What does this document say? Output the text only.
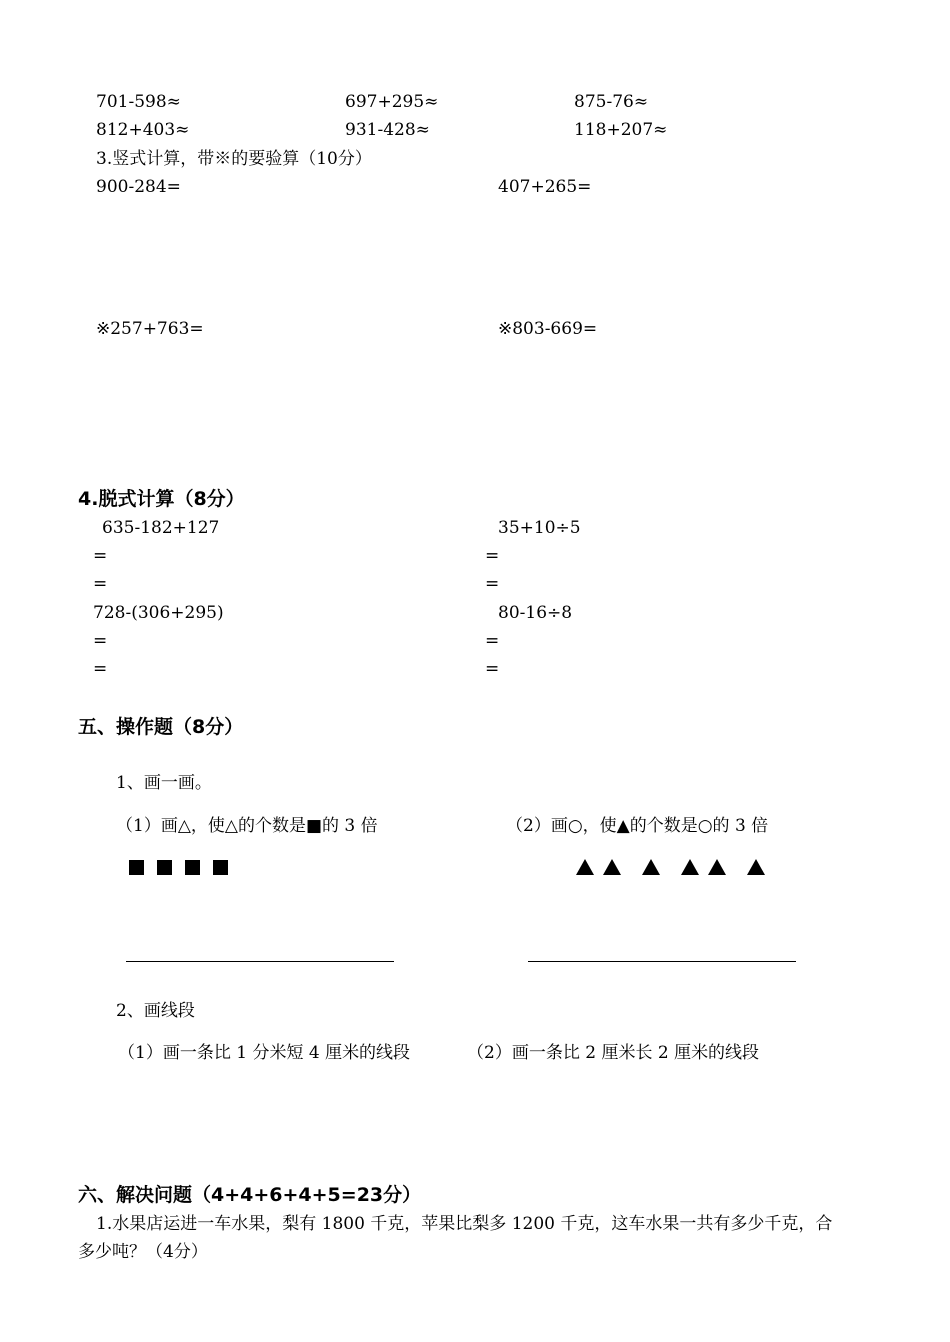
701-598≈	697+295≈	875-76≈
812+403≈	931-428≈	118+207≈
3.竖式计算，带※的要验算（10分）
900-284=	407+265=
※257+763=	※803-669=
4.脱式计算（8分）
635-182+127	35+10÷5
=	=
=	=
728-(306+295)	80-16÷8
=	=
=	=
五、操作题（8分）
1、画一画。
（1）画△，使△的个数是■的 3 倍	（2）画○，使▲的个数是○的 3 倍
2、画线段
（1）画一条比 1 分米短 4 厘米的线段	（2）画一条比 2 厘米长 2 厘米的线段
六、解决问题（4+4+6+4+5=23分）
1.水果店运进一车水果，梨有 1800 千克，苹果比梨多 1200 千克，这车水果一共有多少千克，合
多少吨？（4分）
